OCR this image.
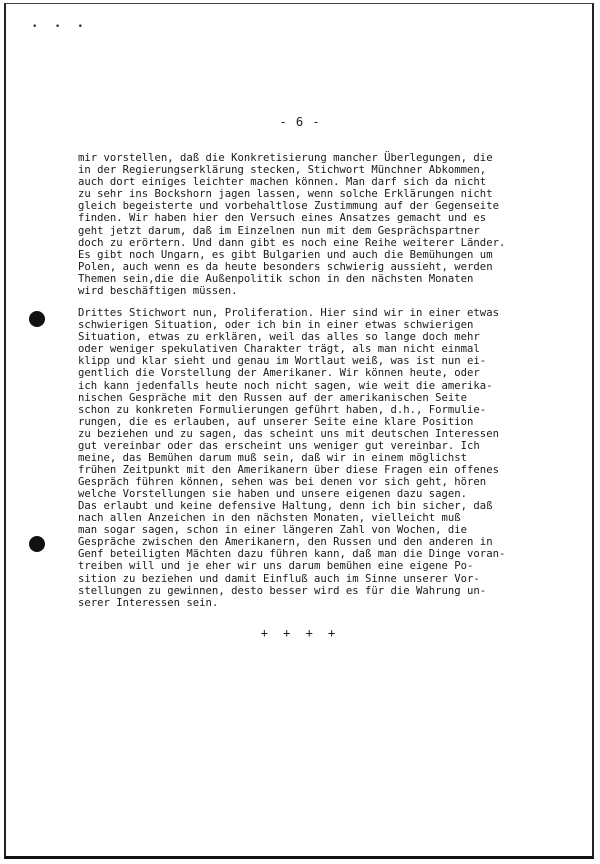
• • •
- 6 -

mir vorstellen, daß die Konkretisierung mancher Überlegungen, die
in der Regierungserklärung stecken, Stichwort Münchner Abkommen,
auch dort einiges leichter machen können. Man darf sich da nicht
zu sehr ins Bockshorn jagen lassen, wenn solche Erklärungen nicht
gleich begeisterte und vorbehaltlose Zustimmung auf der Gegenseite
finden. Wir haben hier den Versuch eines Ansatzes gemacht und es
geht jetzt darum, daß im Einzelnen nun mit dem Gesprächspartner
doch zu erörtern. Und dann gibt es noch eine Reihe weiterer Länder.
Es gibt noch Ungarn, es gibt Bulgarien und auch die Bemühungen um
Polen, auch wenn es da heute besonders schwierig aussieht, werden
Themen sein,die die Außenpolitik schon in den nächsten Monaten
wird beschäftigen müssen.

Drittes Stichwort nun, Proliferation. Hier sind wir in einer etwas
schwierigen Situation, oder ich bin in einer etwas schwierigen
Situation, etwas zu erklären, weil das alles so lange doch mehr
oder weniger spekulativen Charakter trägt, als man nicht einmal
klipp und klar sieht und genau im Wortlaut weiß, was ist nun ei-
gentlich die Vorstellung der Amerikaner. Wir können heute, oder
ich kann jedenfalls heute noch nicht sagen, wie weit die amerika-
nischen Gespräche mit den Russen auf der amerikanischen Seite
schon zu konkreten Formulierungen geführt haben, d.h., Formulie-
rungen, die es erlauben, auf unserer Seite eine klare Position
zu beziehen und zu sagen, das scheint uns mit deutschen Interessen
gut vereinbar oder das erscheint uns weniger gut vereinbar. Ich
meine, das Bemühen darum muß sein, daß wir in einem möglichst
frühen Zeitpunkt mit den Amerikanern über diese Fragen ein offenes
Gespräch führen können, sehen was bei denen vor sich geht, hören
welche Vorstellungen sie haben und unsere eigenen dazu sagen.

Das erlaubt und keine defensive Haltung, denn ich bin sicher, daß
nach allen Anzeichen in den nächsten Monaten, vielleicht muß
man sogar sagen, schon in einer längeren Zahl von Wochen, die
Gespräche zwischen den Amerikanern, den Russen und den anderen in
Genf beteiligten Mächten dazu führen kann, daß man die Dinge voran-
treiben will und je eher wir uns darum bemühen eine eigene Po-
sition zu beziehen und damit Einfluß auch im Sinne unserer Vor-
stellungen zu gewinnen, desto besser wird es für die Wahrung un-
serer Interessen sein.

+ + + +
